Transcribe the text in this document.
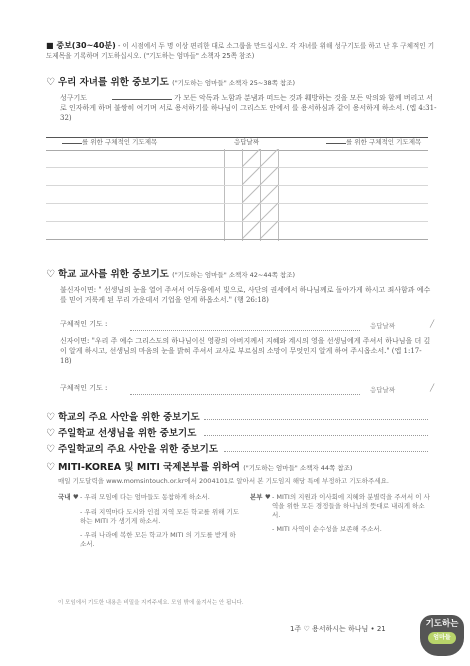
■ 중보(30~40분) - 이 시점에서 두 명 이상 편리한 대로 소그룹을 만드십시오. 각 자녀를 위해 성구기도를 하고 난 후 구체적인 기도제목을 기록하며 기도하십시오. ("기도하는 엄마들" 소책자 25쪽 참조)
♡ 우리 자녀를 위한 중보기도 ("기도하는 엄마들" 소책자 25~38쪽 참조)
성구기도	가 모든 악독과 노함과 분냄과 떠드는 것과 훼방하는 것을 모든 악의와 함께 버리고 서로 인자하게 하며 불쌍히 여기며 서로 용서하기를 하나님이 그리스도 안에서 를 용서하심과 같이 용서하게 하소서. (엡 4:31-32)
를 위한 구체적인 기도제목	응답날짜	를 위한 구체적인 기도제목
♡ 학교 교사를 위한 중보기도 ("기도하는 엄마들" 소책자 42~44쪽 참조)
불신자이면: " 선생님의 눈을 열어 주셔서 어두움에서 빛으로, 사단의 권세에서 하나님께로 돌아가게 하시고 죄사함과 예수를 믿어 거룩케 된 무리 가운데서 기업을 얻게 하옵소서." (행 26:18)
구체적인 기도 :	응답날짜	╱
신자이면: "우리 주 예수 그리스도의 하나님이신 영광의 아버지께서 지혜와 계시의 영을 선생님에게 주셔서 하나님을 더 깊이 알게 하시고, 선생님의 마음의 눈을 밝혀 주셔서 교사로 부르심의 소망이 무엇인지 알게 하여 주시옵소서." (엡 1:17-18)
구체적인 기도 :	응답날짜	╱
♡ 학교의 주요 사안을 위한 중보기도
♡ 주일학교 선생님을 위한 중보기도
♡ 주일학교의 주요 사안을 위한 중보기도
♡ MITI-KOREA 및 MITI 국제본부를 위하여 ("기도하는 엄마들" 소책자 44쪽 참조)
매일 기도달력을 www.momsintouch.or.kr에서 2004101로 알아서 본 기도임지 해당 특에 부정하고 기도하주세요.
국내 ♥ - 우리 모임에 다는 엄마들도 동참하게 하소서.
- 우리 지역마다 도시와 인접 지역 모든 학교를 위해 기도하는 MITI 가 생기게 하소서.
- 우리 나라에 복한 모든 학교가 MITI 의 기도를 받게 하소서.
본부 ♥ - MITI의 지원과 이사회에 지혜와 분별력을 주셔서 이 사역을 위한 모든 경정들을 하나님의 뜻대로 내리게 하소서.
- MITI 사역이 순수성을 보존해 주소서.
이 모임에서 기도한 내용은 비밀을 지켜주세요. 모임 밖에 옮겨서는 안 됩니다.
1주 ♡ 용서하시는 하나님 • 21	기도하는
엄마들
